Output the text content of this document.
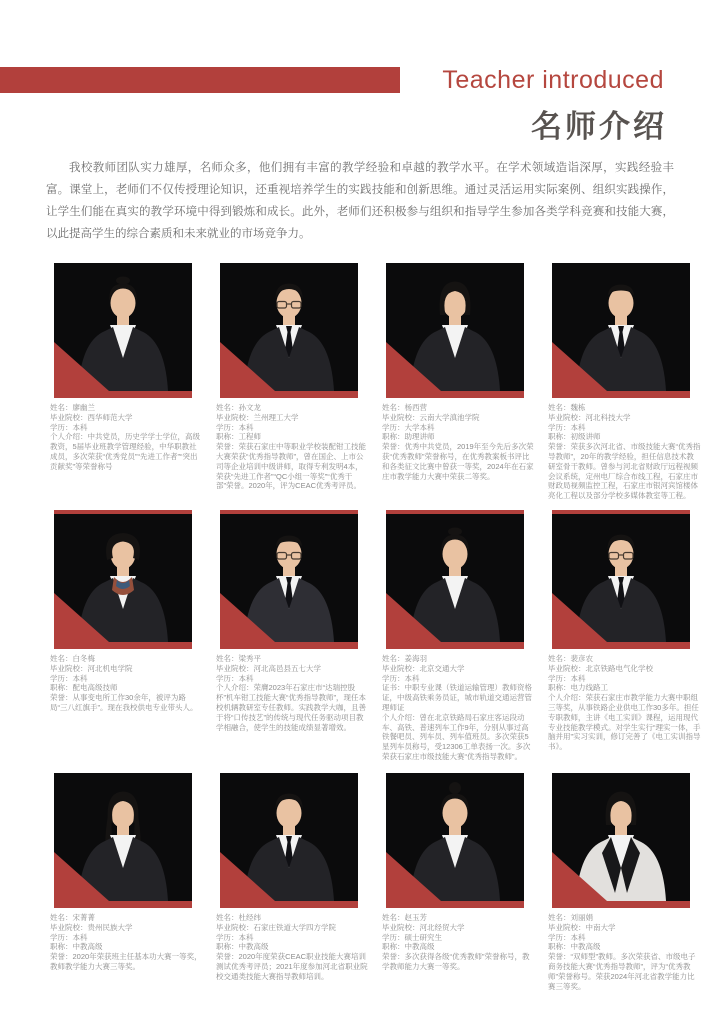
Teacher introduced
名师介绍

我校教师团队实力雄厚，名师众多，他们拥有丰富的教学经验和卓越的教学水平。在学术领域造诣深厚，实践经验丰富。课堂上，老师们不仅传授理论知识，还重视培养学生的实践技能和创新思维。通过灵活运用实际案例、组织实践操作，让学生们能在真实的教学环境中得到锻炼和成长。此外，老师们还积极参与组织和指导学生参加各类学科竞赛和技能大赛，以此提高学生的综合素质和未来就业的市场竞争力。

姓名：廖幽兰

毕业院校：西华师范大学

学历：本科

个人介绍：中共党员，历史学学士学位，高级教资，5届毕业班教学管理经验，中华职教社成员，多次荣获“优秀党员”“先进工作者”“突出贡献奖”等荣誉称号

姓名：孙文龙

毕业院校：兰州理工大学

学历：本科

职称：工程师

荣誉：荣获石家庄中等职业学校装配钳工技能大赛荣获“优秀指导教师”，曾在国企、上市公司等企业培训中级讲师，取得专利发明4本，荣获“先进工作者”“QC小组一等奖”“优秀干部”荣誉。2020年，评为CEAC优秀考评员。

姓名：杨西营

毕业院校：云南大学滇池学院

学历：大学本科

职称：助理讲师

荣誉：优秀中共党员，2019年至今先后多次荣获“优秀教师”荣誉称号，在优秀教案板书评比和各类征文比赛中曾获一等奖，2024年在石家庄市教学能力大赛中荣获二等奖。

姓名：魏栋

毕业院校：河北科技大学

学历：本科

职称：初级讲师

荣誉：荣获多次河北省、市级技能大赛“优秀指导教师”，20年的教学经验，担任信息技术教研室骨干教师。曾参与河北省财政厅远程视频会议系统，定州电厂综合布线工程，石家庄市财政局视频监控工程，石家庄市银河宾馆楼体亮化工程以及部分学校多媒体教室等工程。

姓名：白冬梅

毕业院校：河北机电学院

学历：本科

职称：配电高级技师

荣誉：从事变电所工作30余年，被评为路局“三八红旗手”。现在我校供电专业带头人。

姓名：梁秀平

毕业院校：河北高邑县五七大学

学历：本科

个人介绍：荣膺2023年石家庄市“达瑞控股杯”机车钳工技能大赛“优秀指导教师”，现任本校机辆教研室专任教师。实践教学大咖，且善于将“口传技艺”的传统与现代任务驱动项目教学相融合，使学生的技能成绩显著增效。

姓名：姜海羽

毕业院校：北京交通大学

学历：本科

证书：中职专业课（铁道运输管理）教师资格证，中级高铁乘务员证，城市轨道交通运营管理师证

个人介绍：曾在北京铁路局石家庄客运段动车、高铁、普速列车工作9年，分别从事过高铁餐吧员、列车员、列车值班员。多次荣获5星列车员称号，受12306工单表扬一次。多次荣获石家庄市级技能大赛“优秀指导教师”。

姓名：裴彦农

毕业院校：北京铁路电气化学校

学历：本科

职称：电力线路工

个人介绍：荣获石家庄市教学能力大赛中职组三等奖，从事铁路企业供电工作30多年。担任专职教师，主讲《电工实训》课程，运用现代专业技能教学模式。对学生实行“理实一体，手脑并用”实习实训，修订完善了《电工实训指导书》。

姓名：宋菁菁

毕业院校：贵州民族大学

学历：本科

职称：中教高级

荣誉：2020年荣获班主任基本功大赛一等奖，教师教学能力大赛三等奖。

姓名：杜经纬

毕业院校：石家庄铁道大学四方学院

学历：本科

职称：中教高级

荣誉：2020年度荣获CEAC职业技能大赛培训测试优秀考评员；2021年度参加河北省职业院校交通类技能大赛指导教师培训。

姓名：赵玉芳

毕业院校：河北经贸大学

学历：硕士研究生

职称：中教高级

荣誉：多次获得各级“优秀教师”荣誉称号，教学教师能力大赛一等奖。

姓名：刘丽娟

毕业院校：中南大学

学历：本科

职称：中教高级

荣誉：“双师型”教师。多次荣获省、市级电子商务技能大赛“优秀指导教师”，评为“优秀教师”荣誉称号。荣获2024年河北省教学能力比赛三等奖。
